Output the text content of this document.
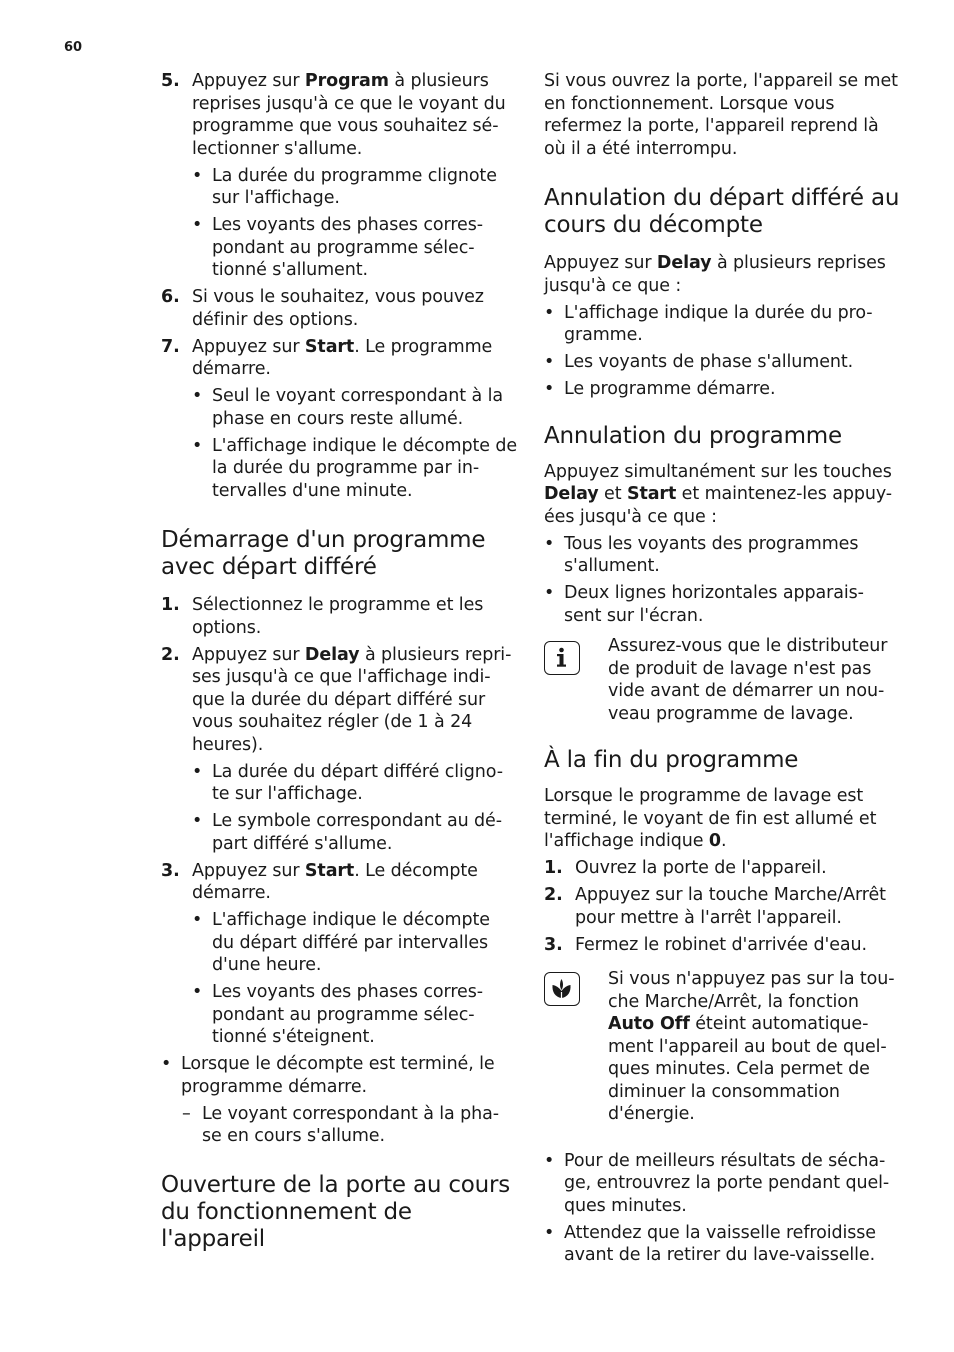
60
5. Appuyez sur Program à plusieurs reprises jusqu'à ce que le voyant du programme que vous souhaitez sé-lectionner s'allume.
• La durée du programme clignote sur l'affichage.
• Les voyants des phases corres-pondant au programme sélec-tionné s'allument.
6. Si vous le souhaitez, vous pouvez définir des options.
7. Appuyez sur Start. Le programme démarre.
• Seul le voyant correspondant à la phase en cours reste allumé.
• L'affichage indique le décompte de la durée du programme par in-tervalles d'une minute.
Démarrage d'un programme avec départ différé
1. Sélectionnez le programme et les options.
2. Appuyez sur Delay à plusieurs repri-ses jusqu'à ce que l'affichage indi-que la durée du départ différé sur vous souhaitez régler (de 1 à 24 heures).
• La durée du départ différé cligno-te sur l'affichage.
• Le symbole correspondant au dé-part différé s'allume.
3. Appuyez sur Start. Le décompte démarre.
• L'affichage indique le décompte du départ différé par intervalles d'une heure.
• Les voyants des phases corres-pondant au programme sélec-tionné s'éteignent.
• Lorsque le décompte est terminé, le programme démarre.
– Le voyant correspondant à la pha-se en cours s'allume.
Ouverture de la porte au cours du fonctionnement de l'appareil

Si vous ouvrez la porte, l'appareil se met en fonctionnement. Lorsque vous refermez la porte, l'appareil reprend là où il a été interrompu.

Annulation du départ différé au cours du décompte

Appuyez sur Delay à plusieurs reprises jusqu'à ce que :

• L'affichage indique la durée du pro-gramme.
• Les voyants de phase s'allument.
• Le programme démarre.
Annulation du programme

Appuyez simultanément sur les touches Delay et Start et maintenez-les appuy-ées jusqu'à ce que :

• Tous les voyants des programmes s'allument.
• Deux lignes horizontales apparais-sent sur l'écran.

Assurez-vous que le distributeur de produit de lavage n'est pas vide avant de démarrer un nou-veau programme de lavage.

À la fin du programme

Lorsque le programme de lavage est terminé, le voyant de fin est allumé et l'affichage indique 0.

1. Ouvrez la porte de l'appareil.
2. Appuyez sur la touche Marche/Arrêt pour mettre à l'arrêt l'appareil.
3. Fermez le robinet d'arrivée d'eau.

Si vous n'appuyez pas sur la tou-che Marche/Arrêt, la fonction Auto Off éteint automatique-ment l'appareil au bout de quel-ques minutes. Cela permet de diminuer la consommation d'énergie.

• Pour de meilleurs résultats de sécha-ge, entrouvrez la porte pendant quel-ques minutes.
• Attendez que la vaisselle refroidisse avant de la retirer du lave-vaisselle.
